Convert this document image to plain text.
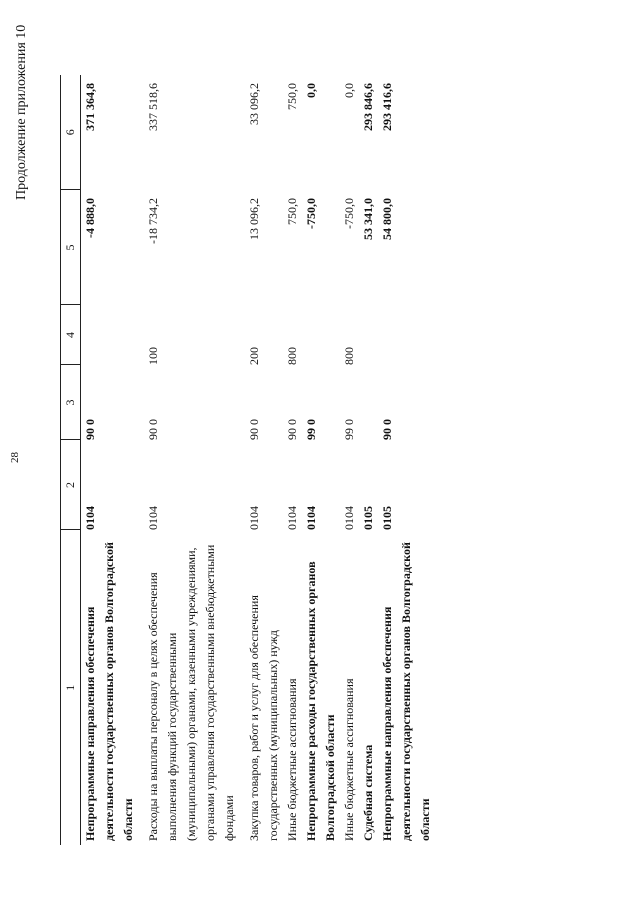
28
Продолжение приложения 10
1	2	3	4	5	6
Непрограммные направления обеспечения деятельности государственных органов Волгоградской области	0104	90 0		-4 888,0	371 364,8
Расходы на выплаты персоналу в целях обеспечения выполнения функций государственными (муниципальными) органами, казенными учреждениями, органами управления государственными внебюджетными фондами	0104	90 0	100	-18 734,2	337 518,6
Закупка товаров, работ и услуг для обеспечения государственных (муниципальных) нужд	0104	90 0	200	13 096,2	33 096,2
Иные бюджетные ассигнования	0104	90 0	800	750,0	750,0
Непрограммные расходы государственных органов Волгоградской области	0104	99 0		-750,0	0,0
Иные бюджетные ассигнования	0104	99 0	800	-750,0	0,0
Судебная система	0105			53 341,0	293 846,6
Непрограммные направления обеспечения деятельности государственных органов Волгоградской области	0105	90 0		54 800,0	293 416,6
